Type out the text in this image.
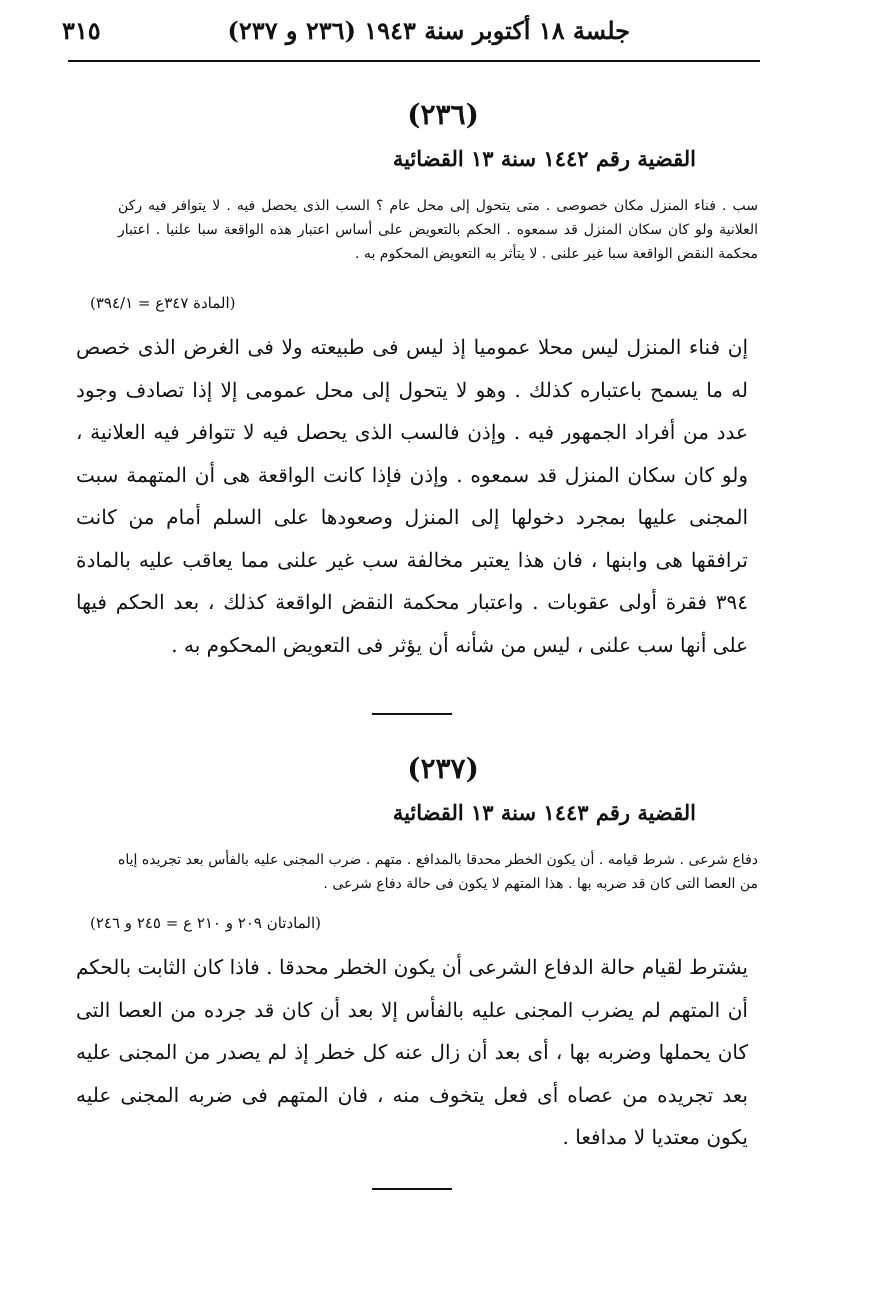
جلسة ١٨ أكتوبر سنة ١٩٤٣ (٢٣٦ و ٢٣٧)
٣١٥
(٢٣٦)
القضية رقم ١٤٤٢ سنة ١٣ القضائية
سب . فناء المنزل مكان خصوصى . متى يتحول إلى محل عام ؟ السب الذى يحصل فيه . لا يتوافر فيه ركن العلانية ولو كان سكان المنزل قد سمعوه . الحكم بالتعويض على أساس اعتبار هذه الواقعة سبا علنيا . اعتبار محكمة النقض الواقعة سبا غير علنى . لا يتأثر به التعويض المحكوم به .
(المادة ٣٤٧ع = ٣٩٤/١)
إن فناء المنزل ليس محلا عموميا إذ ليس فى طبيعته ولا فى الغرض الذى خصص له ما يسمح باعتباره كذلك . وهو لا يتحول إلى محل عمومى إلا إذا تصادف وجود عدد من أفراد الجمهور فيه . وإذن فالسب الذى يحصل فيه لا تتوافر فيه العلانية ، ولو كان سكان المنزل قد سمعوه . وإذن فإذا كانت الواقعة هى أن المتهمة سبت المجنى عليها بمجرد دخولها إلى المنزل وصعودها على السلم أمام من كانت ترافقها هى وابنها ، فان هذا يعتبر مخالفة سب غير علنى مما يعاقب عليه بالمادة ٣٩٤ فقرة أولى عقوبات . واعتبار محكمة النقض الواقعة كذلك ، بعد الحكم فيها على أنها سب علنى ، ليس من شأنه أن يؤثر فى التعويض المحكوم به .
(٢٣٧)
القضية رقم ١٤٤٣ سنة ١٣ القضائية
دفاع شرعى . شرط قيامه . أن يكون الخطر محدقا بالمدافع . متهم . ضرب المجنى عليه بالفأس بعد تجريده إياه من العصا التى كان قد ضربه بها . هذا المتهم لا يكون فى حالة دفاع شرعى .
(المادتان ٢٠٩ و ٢١٠ ع = ٢٤٥ و ٢٤٦)
يشترط لقيام حالة الدفاع الشرعى أن يكون الخطر محدقا . فاذا كان الثابت بالحكم أن المتهم لم يضرب المجنى عليه بالفأس إلا بعد أن كان قد جرده من العصا التى كان يحملها وضربه بها ، أى بعد أن زال عنه كل خطر إذ لم يصدر من المجنى عليه بعد تجريده من عصاه أى فعل يتخوف منه ، فان المتهم فى ضربه المجنى عليه يكون معتديا لا مدافعا .
